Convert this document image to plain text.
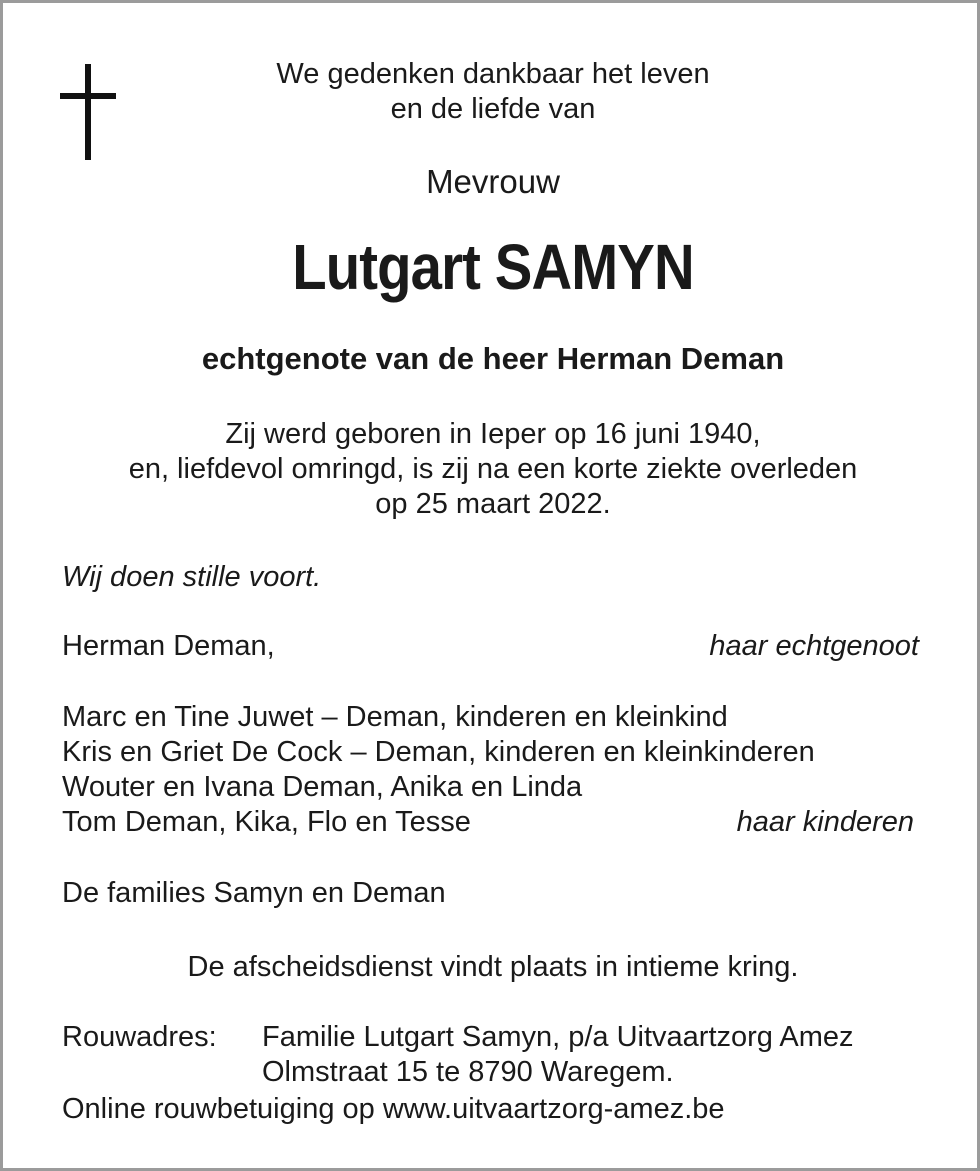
We gedenken dankbaar het leven
en de liefde van
Mevrouw
Lutgart SAMYN
echtgenote van de heer Herman Deman
Zij werd geboren in Ieper op 16 juni 1940,
en, liefdevol omringd, is zij na een korte ziekte overleden
op 25 maart 2022.
Wij doen stille voort.
Herman Deman,	haar echtgenoot
Marc en Tine Juwet – Deman, kinderen en kleinkind
Kris en Griet De Cock – Deman, kinderen en kleinkinderen
Wouter en Ivana Deman, Anika en Linda
Tom Deman, Kika, Flo en Tesse	haar kinderen
De families Samyn en Deman
De afscheidsdienst vindt plaats in intieme kring.
Rouwadres: Familie Lutgart Samyn, p/a Uitvaartzorg Amez
Olmstraat 15 te 8790 Waregem.
Online rouwbetuiging op www.uitvaartzorg-amez.be
